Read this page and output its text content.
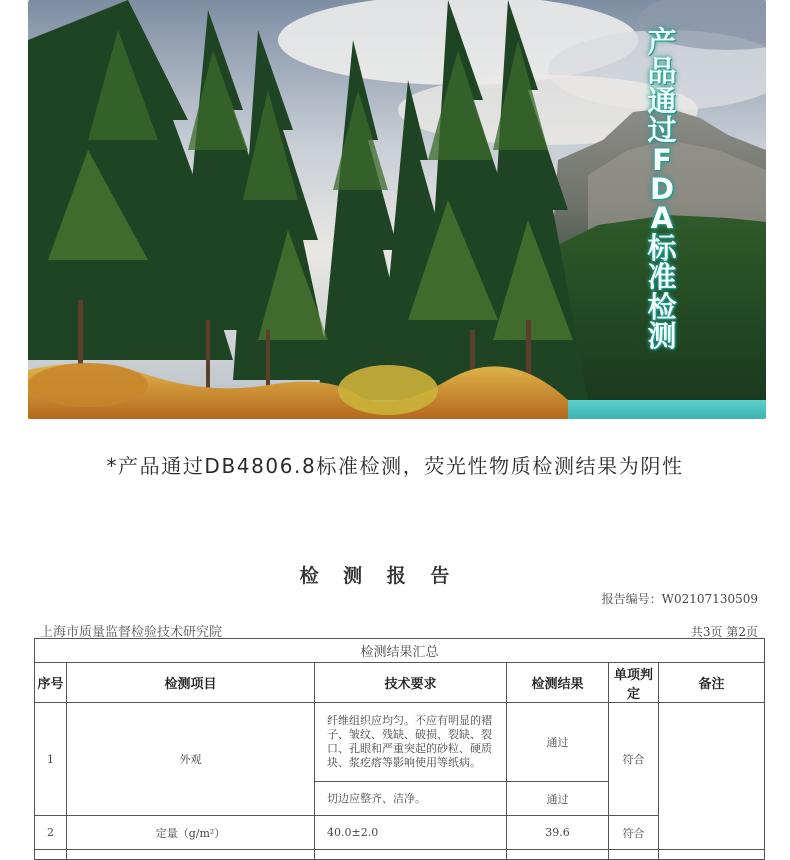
产
品
通
过
F
D
A
标
准
检
测
*产品通过DB4806.8标准检测，荧光性物质检测结果为阴性
检 测 报 告
报告编号：W02107130509
上海市质量监督检验技术研究院	共3页 第2页
检测结果汇总					
序号	检测项目	技术要求	检测结果	单项判定	备注
1	外观	纤维组织应均匀。不应有明显的褶子、皱纹、残缺、破损、裂缺、裂口、孔眼和严重突起的砂粒、硬质块、浆疙瘩等影响使用等纸病。	通过	符合	
		切边应整齐、洁净。	通过		
2	定量（g/m²）	40.0±2.0	39.6	符合	
